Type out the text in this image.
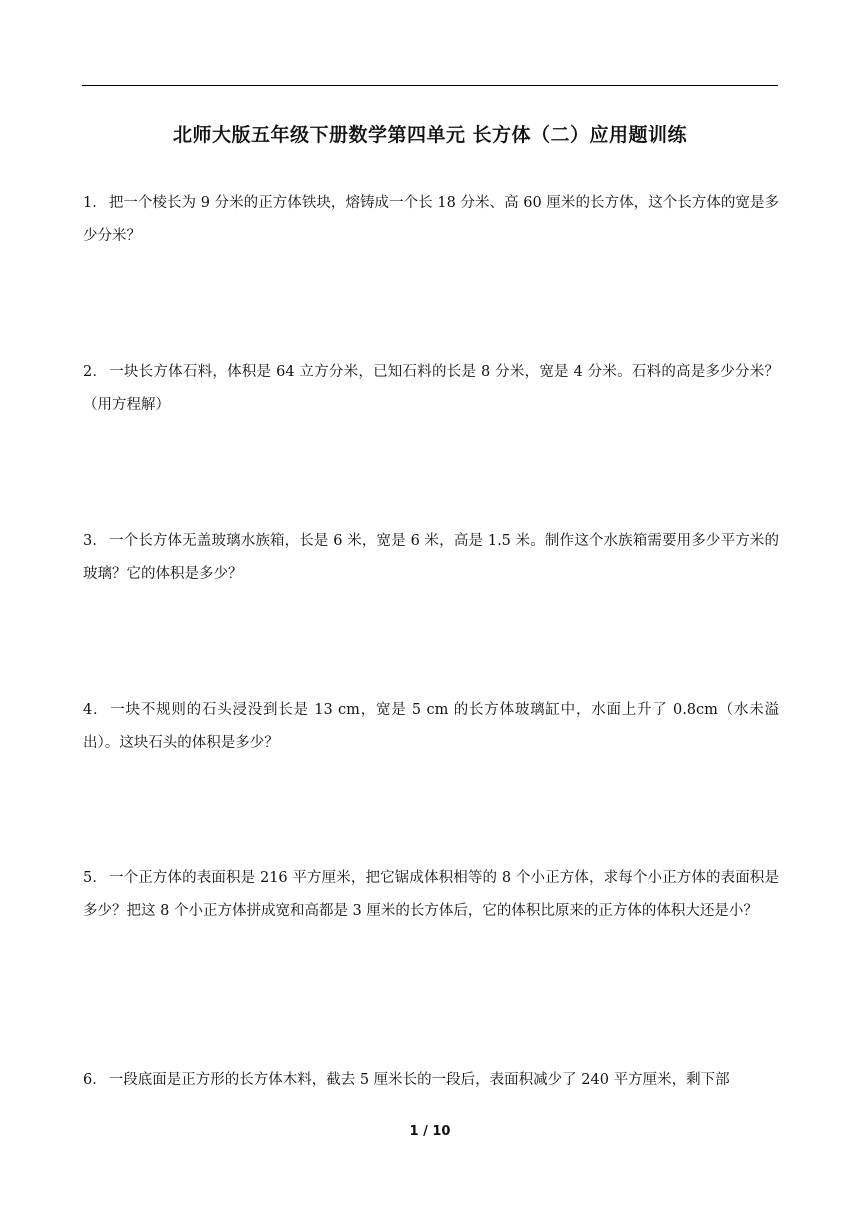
北师大版五年级下册数学第四单元 长方体（二）应用题训练
1． 把一个棱长为 9 分米的正方体铁块，熔铸成一个长 18 分米、高 60 厘米的长方体，这个长方体的宽是多少分米？
2． 一块长方体石料，体积是 64 立方分米，已知石料的长是 8 分米，宽是 4 分米。石料的高是多少分米？（用方程解）
3． 一个长方体无盖玻璃水族箱，长是 6 米，宽是 6 米，高是 1.5 米。制作这个水族箱需要用多少平方米的玻璃？它的体积是多少？
4． 一块不规则的石头浸没到长是 13 cm，宽是 5 cm 的长方体玻璃缸中，水面上升了 0.8cm（水未溢出）。这块石头的体积是多少？
5． 一个正方体的表面积是 216 平方厘米，把它锯成体积相等的 8 个小正方体，求每个小正方体的表面积是多少？把这 8 个小正方体拼成宽和高都是 3 厘米的长方体后，它的体积比原来的正方体的体积大还是小？
6． 一段底面是正方形的长方体木料，截去 5 厘米长的一段后，表面积减少了 240 平方厘米，剩下部
1 / 10
